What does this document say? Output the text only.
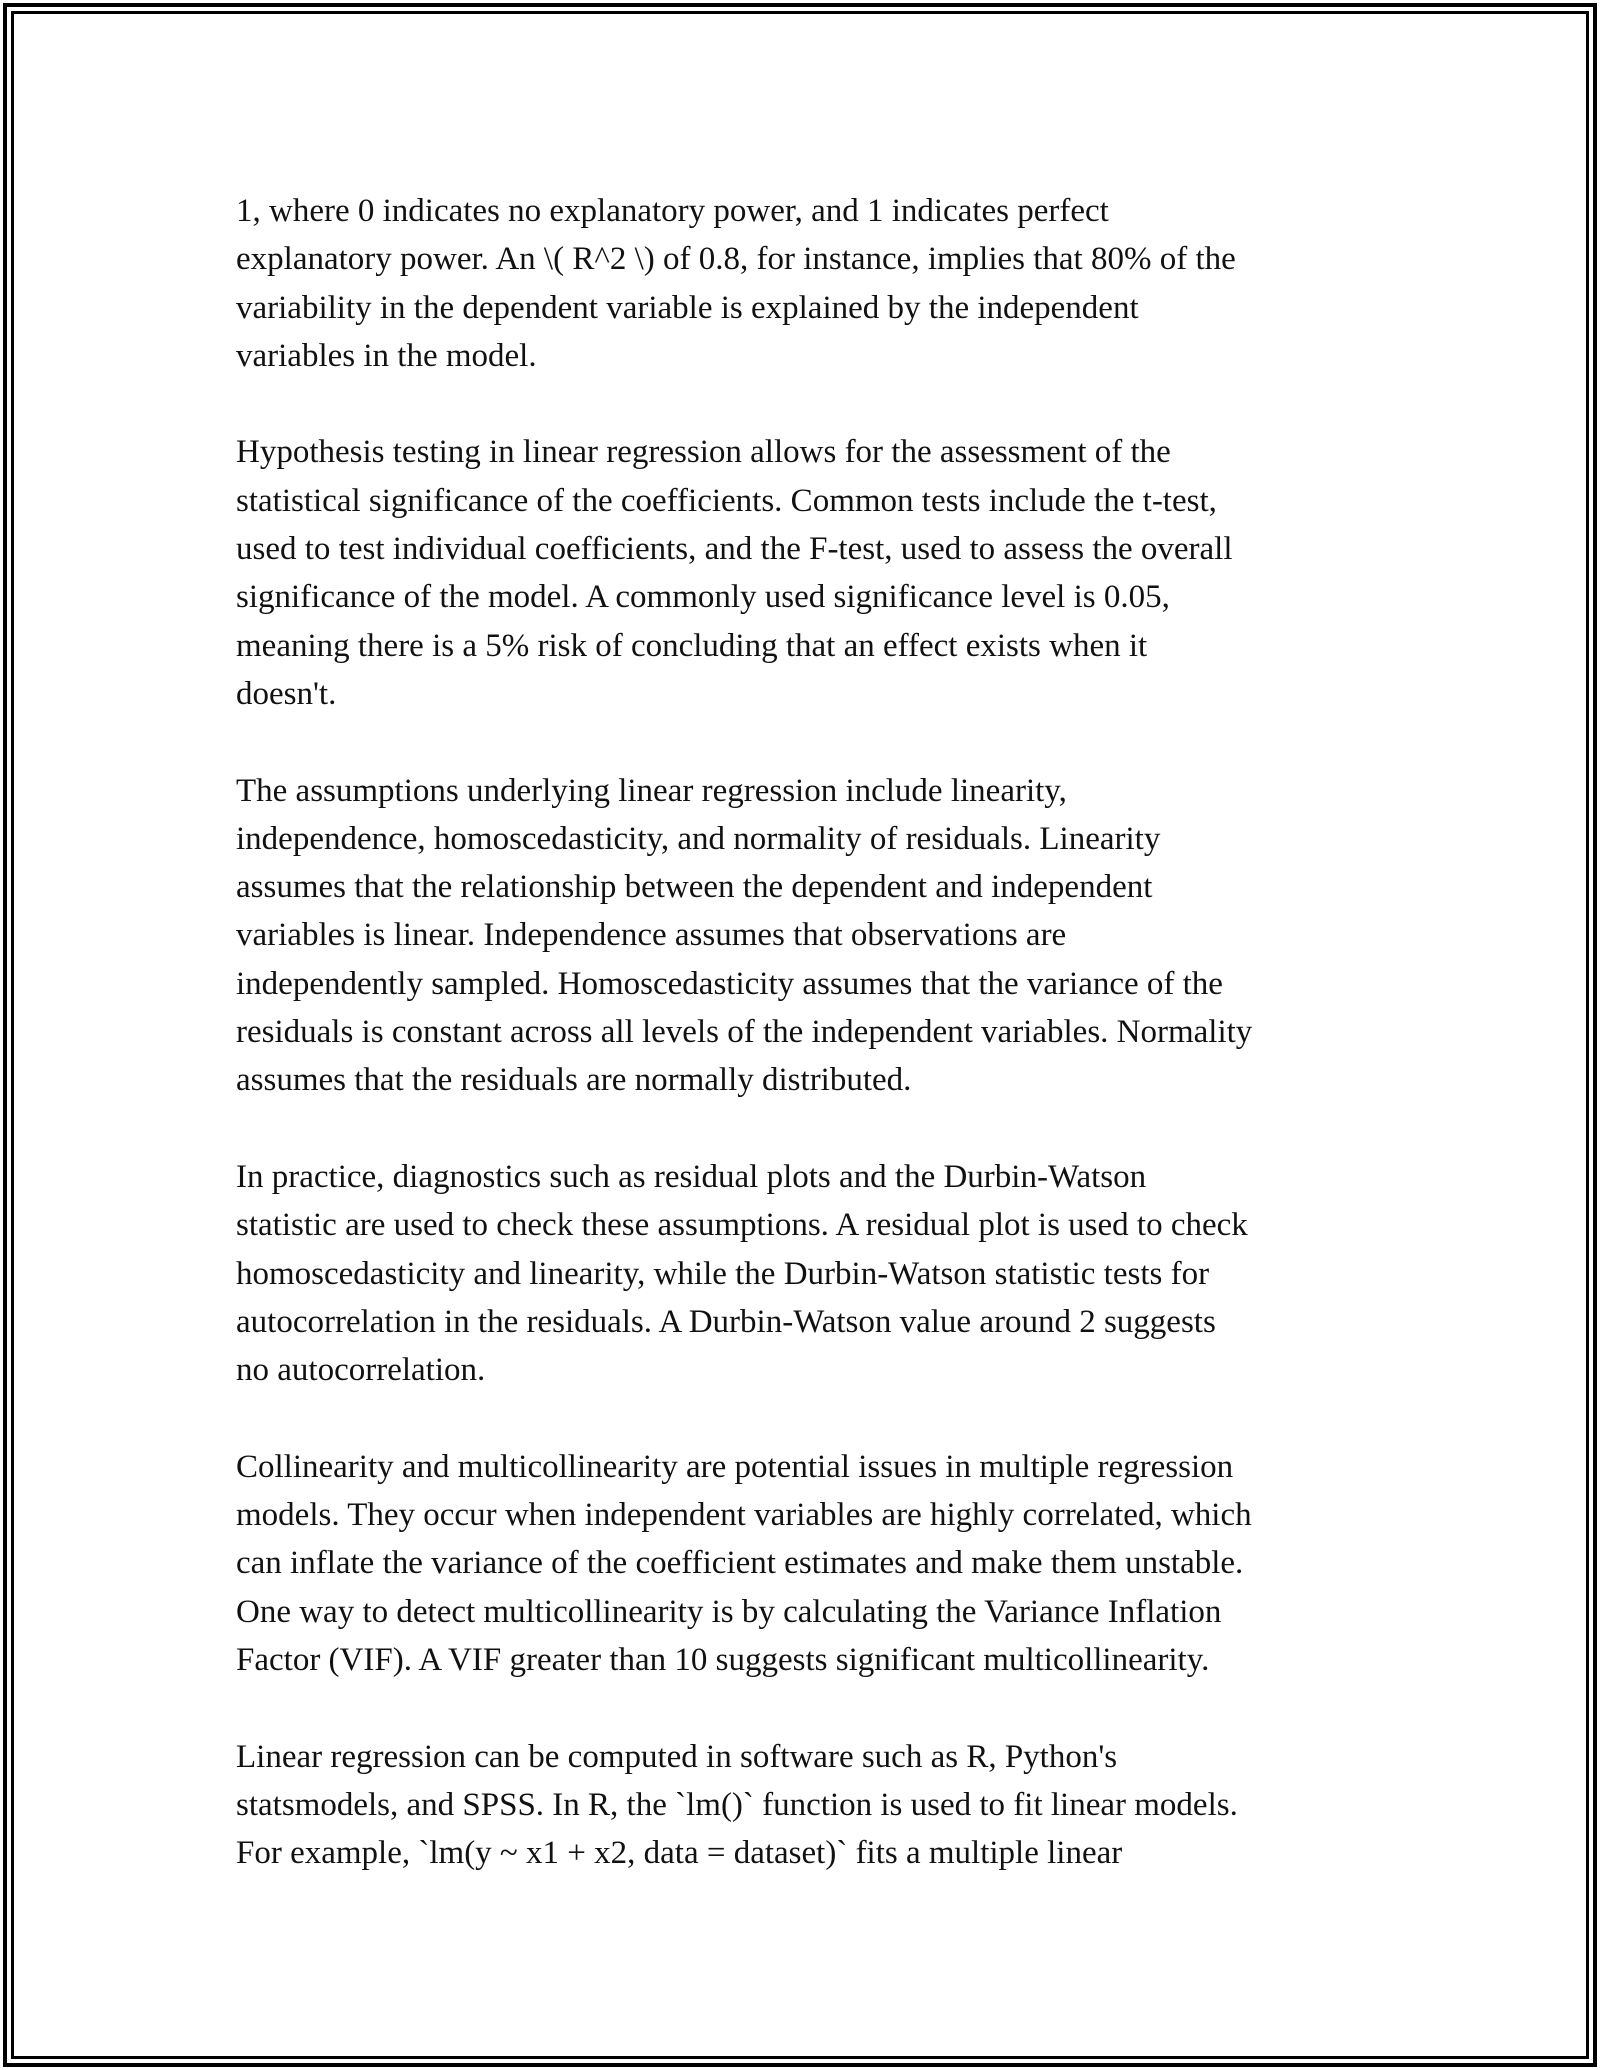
1, where 0 indicates no explanatory power, and 1 indicates perfect
explanatory power. An \( R^2 \) of 0.8, for instance, implies that 80% of the
variability in the dependent variable is explained by the independent
variables in the model.

Hypothesis testing in linear regression allows for the assessment of the
statistical significance of the coefficients. Common tests include the t-test,
used to test individual coefficients, and the F-test, used to assess the overall
significance of the model. A commonly used significance level is 0.05,
meaning there is a 5% risk of concluding that an effect exists when it
doesn't.

The assumptions underlying linear regression include linearity,
independence, homoscedasticity, and normality of residuals. Linearity
assumes that the relationship between the dependent and independent
variables is linear. Independence assumes that observations are
independently sampled. Homoscedasticity assumes that the variance of the
residuals is constant across all levels of the independent variables. Normality
assumes that the residuals are normally distributed.

In practice, diagnostics such as residual plots and the Durbin-Watson
statistic are used to check these assumptions. A residual plot is used to check
homoscedasticity and linearity, while the Durbin-Watson statistic tests for
autocorrelation in the residuals. A Durbin-Watson value around 2 suggests
no autocorrelation.

Collinearity and multicollinearity are potential issues in multiple regression
models. They occur when independent variables are highly correlated, which
can inflate the variance of the coefficient estimates and make them unstable.
One way to detect multicollinearity is by calculating the Variance Inflation
Factor (VIF). A VIF greater than 10 suggests significant multicollinearity.

Linear regression can be computed in software such as R, Python's
statsmodels, and SPSS. In R, the `lm()` function is used to fit linear models.
For example, `lm(y ~ x1 + x2, data = dataset)` fits a multiple linear
